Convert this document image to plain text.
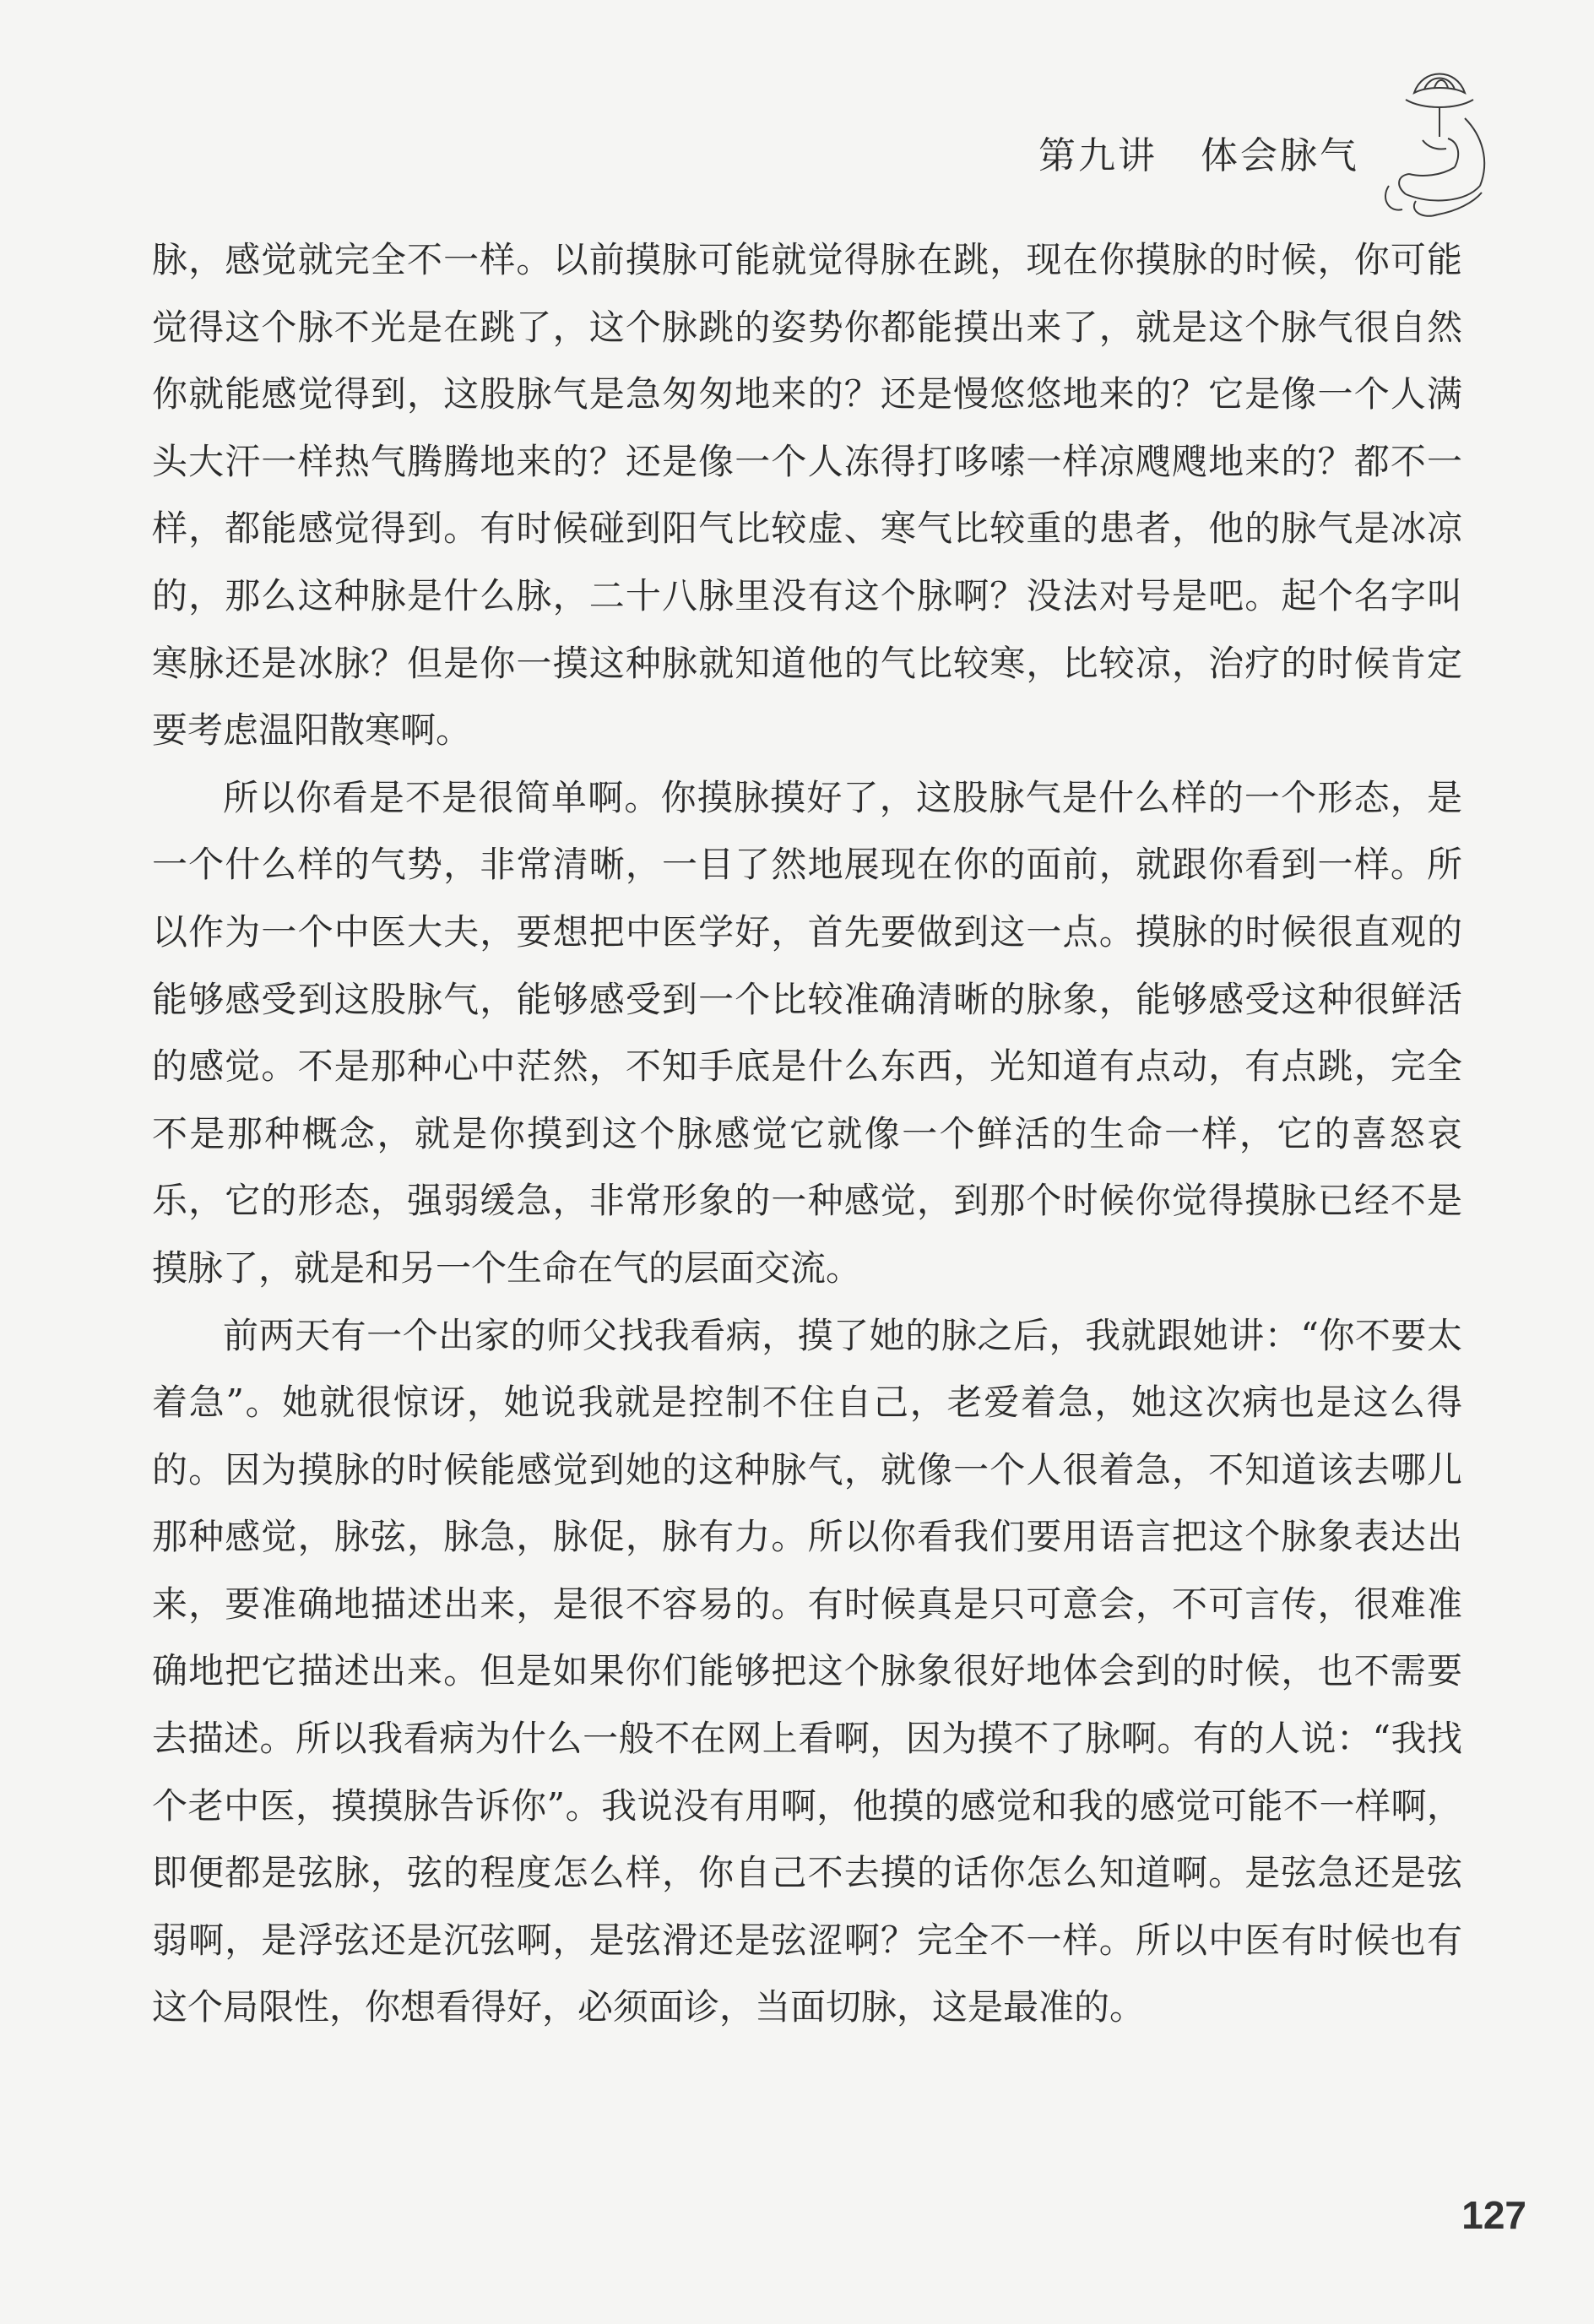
第九讲   体会脉气

脉，感觉就完全不一样。以前摸脉可能就觉得脉在跳，现在你摸脉的时候，你可能觉得这个脉不光是在跳了，这个脉跳的姿势你都能摸出来了，就是这个脉气很自然你就能感觉得到，这股脉气是急匆匆地来的？还是慢悠悠地来的？它是像一个人满头大汗一样热气腾腾地来的？还是像一个人冻得打哆嗦一样凉飕飕地来的？都不一样，都能感觉得到。有时候碰到阳气比较虚、寒气比较重的患者，他的脉气是冰凉的，那么这种脉是什么脉，二十八脉里没有这个脉啊？没法对号是吧。起个名字叫寒脉还是冰脉？但是你一摸这种脉就知道他的气比较寒，比较凉，治疗的时候肯定要考虑温阳散寒啊。

所以你看是不是很简单啊。你摸脉摸好了，这股脉气是什么样的一个形态，是一个什么样的气势，非常清晰，一目了然地展现在你的面前，就跟你看到一样。所以作为一个中医大夫，要想把中医学好，首先要做到这一点。摸脉的时候很直观的能够感受到这股脉气，能够感受到一个比较准确清晰的脉象，能够感受这种很鲜活的感觉。不是那种心中茫然，不知手底是什么东西，光知道有点动，有点跳，完全不是那种概念，就是你摸到这个脉感觉它就像一个鲜活的生命一样，它的喜怒哀乐，它的形态，强弱缓急，非常形象的一种感觉，到那个时候你觉得摸脉已经不是摸脉了，就是和另一个生命在气的层面交流。

前两天有一个出家的师父找我看病，摸了她的脉之后，我就跟她讲：“你不要太着急”。她就很惊讶，她说我就是控制不住自己，老爱着急，她这次病也是这么得的。因为摸脉的时候能感觉到她的这种脉气，就像一个人很着急，不知道该去哪儿那种感觉，脉弦，脉急，脉促，脉有力。所以你看我们要用语言把这个脉象表达出来，要准确地描述出来，是很不容易的。有时候真是只可意会，不可言传，很难准确地把它描述出来。但是如果你们能够把这个脉象很好地体会到的时候，也不需要去描述。所以我看病为什么一般不在网上看啊，因为摸不了脉啊。有的人说：“我找个老中医，摸摸脉告诉你”。我说没有用啊，他摸的感觉和我的感觉可能不一样啊，即便都是弦脉，弦的程度怎么样，你自己不去摸的话你怎么知道啊。是弦急还是弦弱啊，是浮弦还是沉弦啊，是弦滑还是弦涩啊？完全不一样。所以中医有时候也有这个局限性，你想看得好，必须面诊，当面切脉，这是最准的。

127
